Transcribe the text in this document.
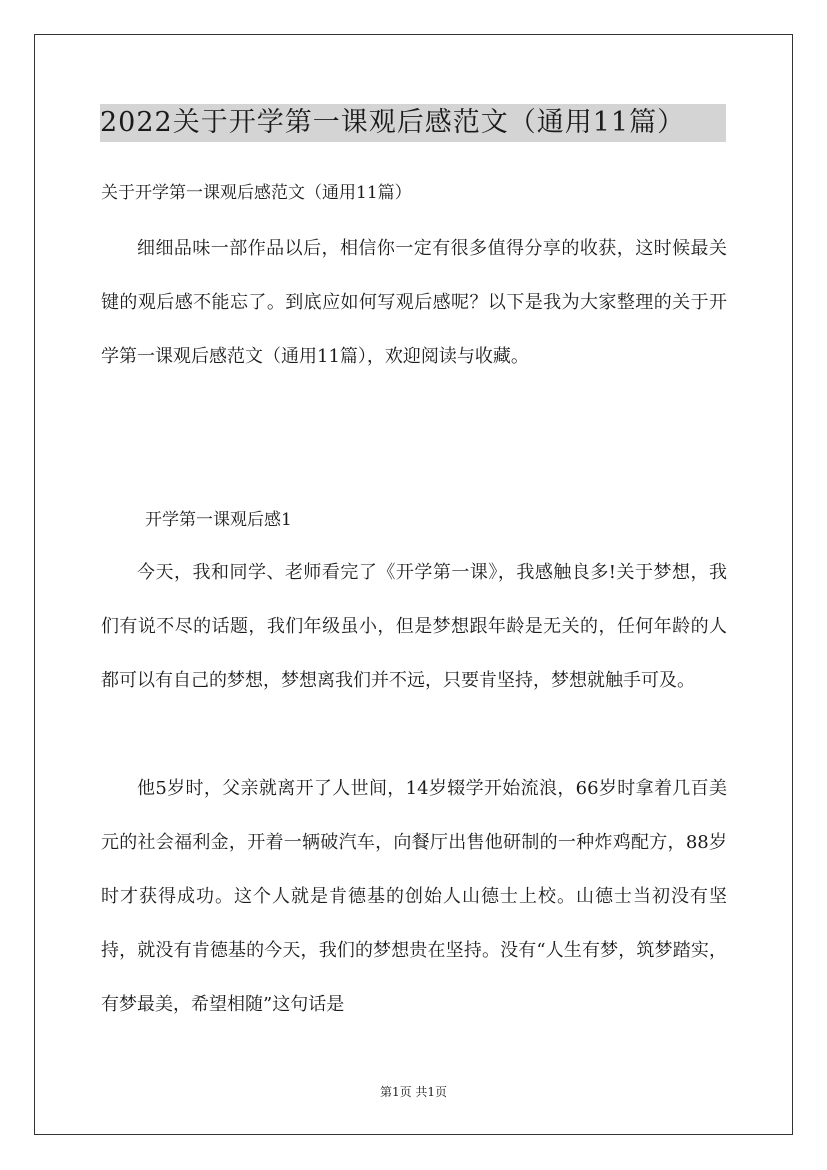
2022关于开学第一课观后感范文（通用11篇）

关于开学第一课观后感范文（通用11篇）

细细品味一部作品以后，相信你一定有很多值得分享的收获，这时候最关键的观后感不能忘了。到底应如何写观后感呢？以下是我为大家整理的关于开学第一课观后感范文（通用11篇），欢迎阅读与收藏。

开学第一课观后感1

今天，我和同学、老师看完了《开学第一课》，我感触良多!关于梦想，我们有说不尽的话题，我们年级虽小，但是梦想跟年龄是无关的，任何年龄的人都可以有自己的梦想，梦想离我们并不远，只要肯坚持，梦想就触手可及。

他5岁时，父亲就离开了人世间，14岁辍学开始流浪，66岁时拿着几百美元的社会福利金，开着一辆破汽车，向餐厅出售他研制的一种炸鸡配方，88岁时才获得成功。这个人就是肯德基的创始人山德士上校。山德士当初没有坚持，就没有肯德基的今天，我们的梦想贵在坚持。没有“人生有梦，筑梦踏实，有梦最美，希望相随”这句话是

第1页 共1页
